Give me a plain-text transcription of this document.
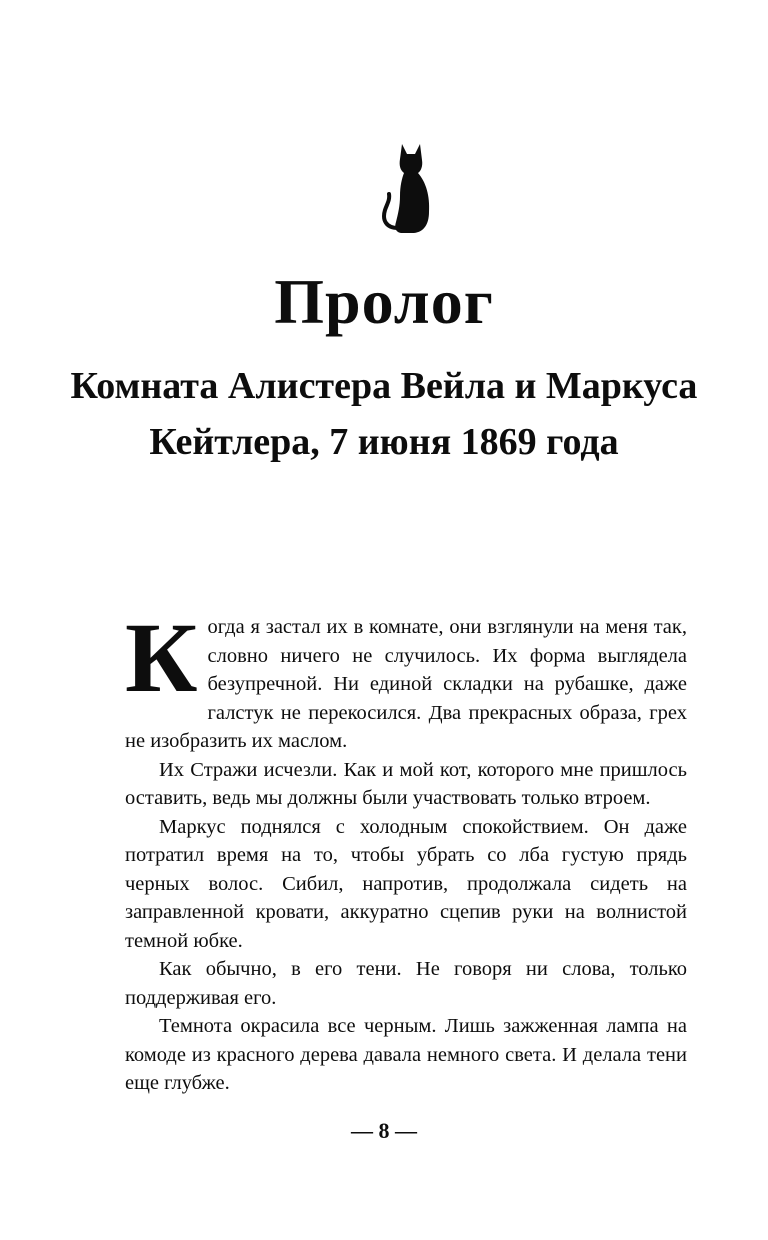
Пролог
Комната Алистера Вейла и Маркуса Кейтлера, 7 июня 1869 года

Когда я застал их в комнате, они взглянули на меня так, словно ничего не случилось. Их форма выглядела безупречной. Ни единой складки на рубашке, даже галстук не перекосился. Два прекрасных образа, грех не изобразить их маслом.

Их Стражи исчезли. Как и мой кот, которого мне пришлось оставить, ведь мы должны были участвовать только втроем.

Маркус поднялся с холодным спокойствием. Он даже потратил время на то, чтобы убрать со лба густую прядь черных волос. Сибил, напротив, продолжала сидеть на заправленной кровати, аккуратно сцепив руки на волнистой темной юбке.

Как обычно, в его тени. Не говоря ни слова, только поддерживая его.

Темнота окрасила все черным. Лишь зажженная лампа на комоде из красного дерева давала немного света. И делала тени еще глубже.

— 8 —
